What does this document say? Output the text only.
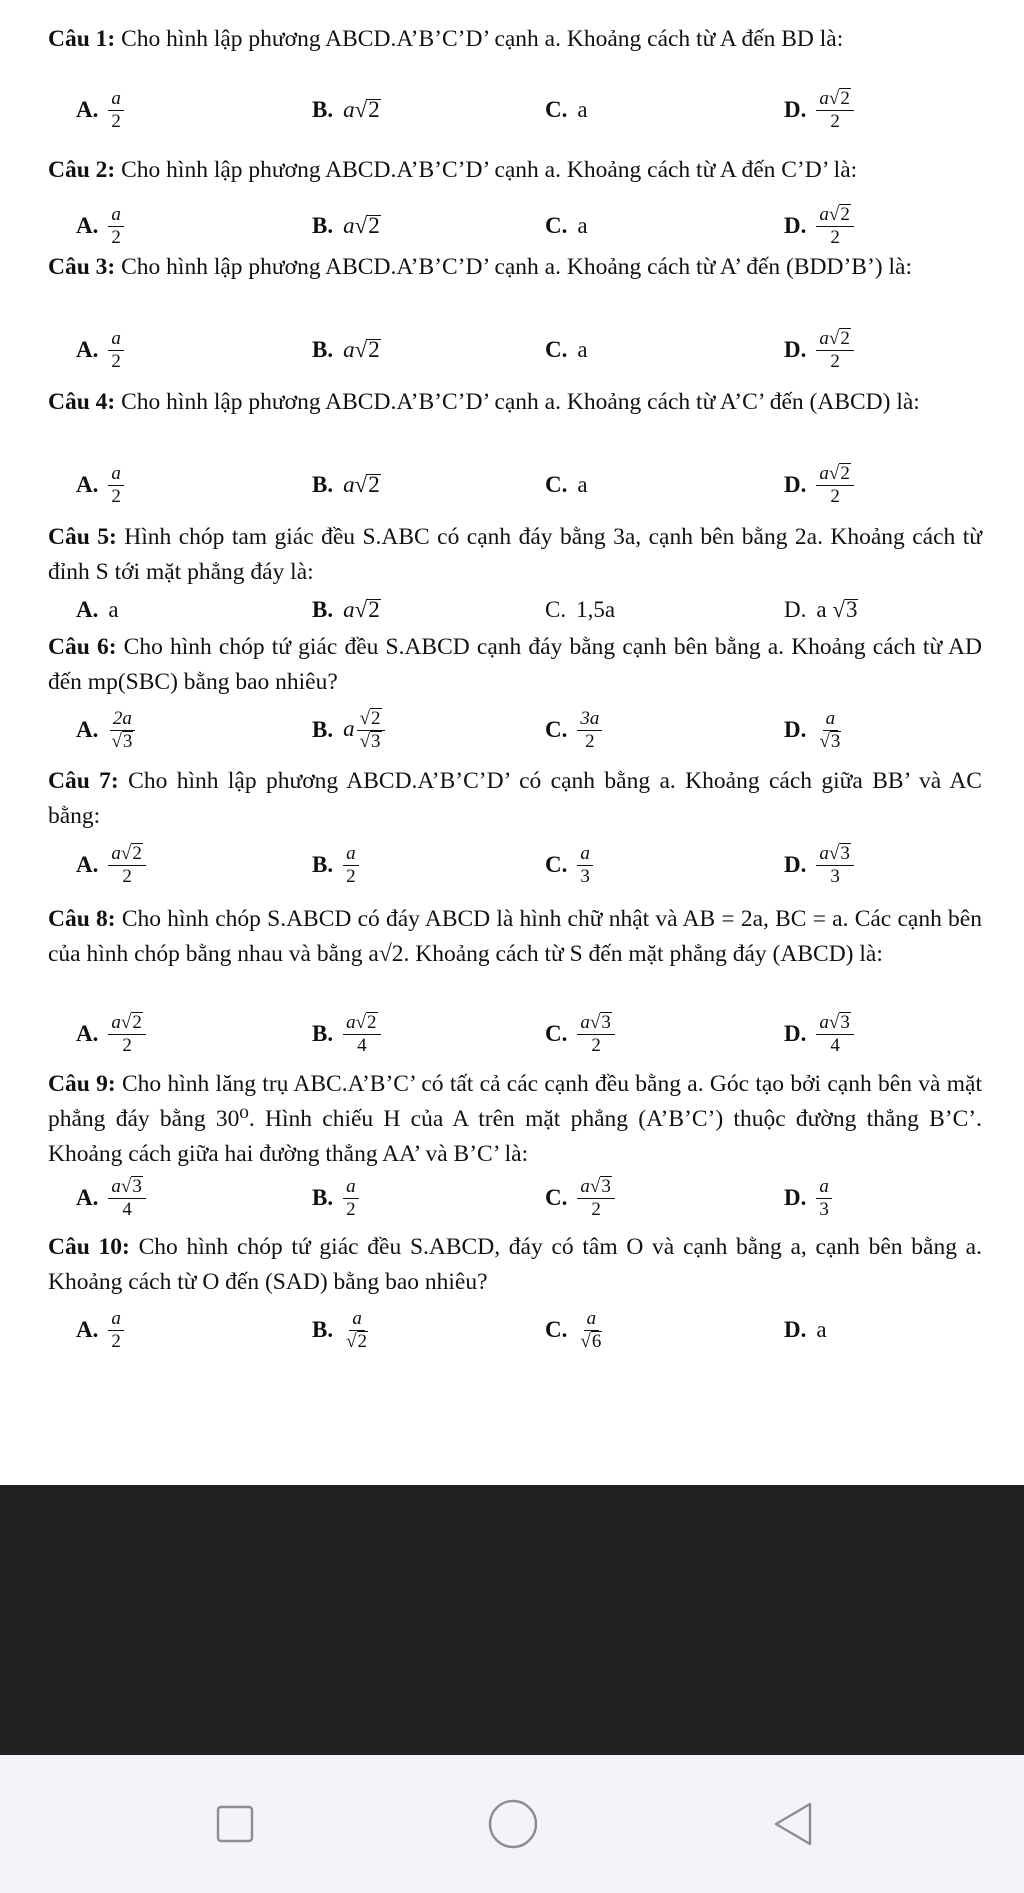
Câu 1: Cho hình lập phương ABCD.A’B’C’D’ cạnh a. Khoảng cách từ A đến BD là:
A. $\frac{a}{2}$	B. a√2	C. a	D. $\frac{a√2}{2}$
Câu 2: Cho hình lập phương ABCD.A’B’C’D’ cạnh a. Khoảng cách từ A đến C’D’ là:
A. $\frac{a}{2}$	B. a√2	C. a	D. $\frac{a√2}{2}$
Câu 3: Cho hình lập phương ABCD.A’B’C’D’ cạnh a. Khoảng cách từ A’ đến (BDD’B’) là:
A. $\frac{a}{2}$	B. a√2	C. a	D. $\frac{a√2}{2}$
Câu 4: Cho hình lập phương ABCD.A’B’C’D’ cạnh a. Khoảng cách từ A’C’ đến (ABCD) là:
A. $\frac{a}{2}$	B. a√2	C. a	D. $\frac{a√2}{2}$
Câu 5: Hình chóp tam giác đều S.ABC có cạnh đáy bằng 3a, cạnh bên bằng 2a. Khoảng cách từ đỉnh S tới mặt phẳng đáy là:
A. a	B. a√2	C. 1,5a	D. a √3
Câu 6: Cho hình chóp tứ giác đều S.ABCD cạnh đáy bằng cạnh bên bằng a. Khoảng cách từ AD đến mp(SBC) bằng bao nhiêu?
A. $\frac{2a}{√3}$	B. a $\frac{√2}{√3}$	C. $\frac{3a}{2}$	D. $\frac{a}{√3}$
Câu 7: Cho hình lập phương ABCD.A’B’C’D’ có cạnh bằng a. Khoảng cách giữa BB’ và AC bằng:
A. $\frac{a√2}{2}$	B. $\frac{a}{2}$	C. $\frac{a}{3}$	D. $\frac{a√3}{3}$
Câu 8: Cho hình chóp S.ABCD có đáy ABCD là hình chữ nhật và AB = 2a, BC = a. Các cạnh bên của hình chóp bằng nhau và bằng a√2. Khoảng cách từ S đến mặt phẳng đáy (ABCD) là:
A. $\frac{a√2}{2}$	B. $\frac{a√2}{4}$	C. $\frac{a√3}{2}$	D. $\frac{a√3}{4}$
Câu 9: Cho hình lăng trụ ABC.A’B’C’ có tất cả các cạnh đều bằng a. Góc tạo bởi cạnh bên và mặt phẳng đáy bằng 30⁰. Hình chiếu H của A trên mặt phẳng (A’B’C’) thuộc đường thẳng B’C’. Khoảng cách giữa hai đường thẳng AA’ và B’C’ là:
A. $\frac{a√3}{4}$	B. $\frac{a}{2}$	C. $\frac{a√3}{2}$	D. $\frac{a}{3}$
Câu 10: Cho hình chóp tứ giác đều S.ABCD, đáy có tâm O và cạnh bằng a, cạnh bên bằng a. Khoảng cách từ O đến (SAD) bằng bao nhiêu?
A. $\frac{a}{2}$	B. $\frac{a}{√2}$	C. $\frac{a}{√6}$	D. a
